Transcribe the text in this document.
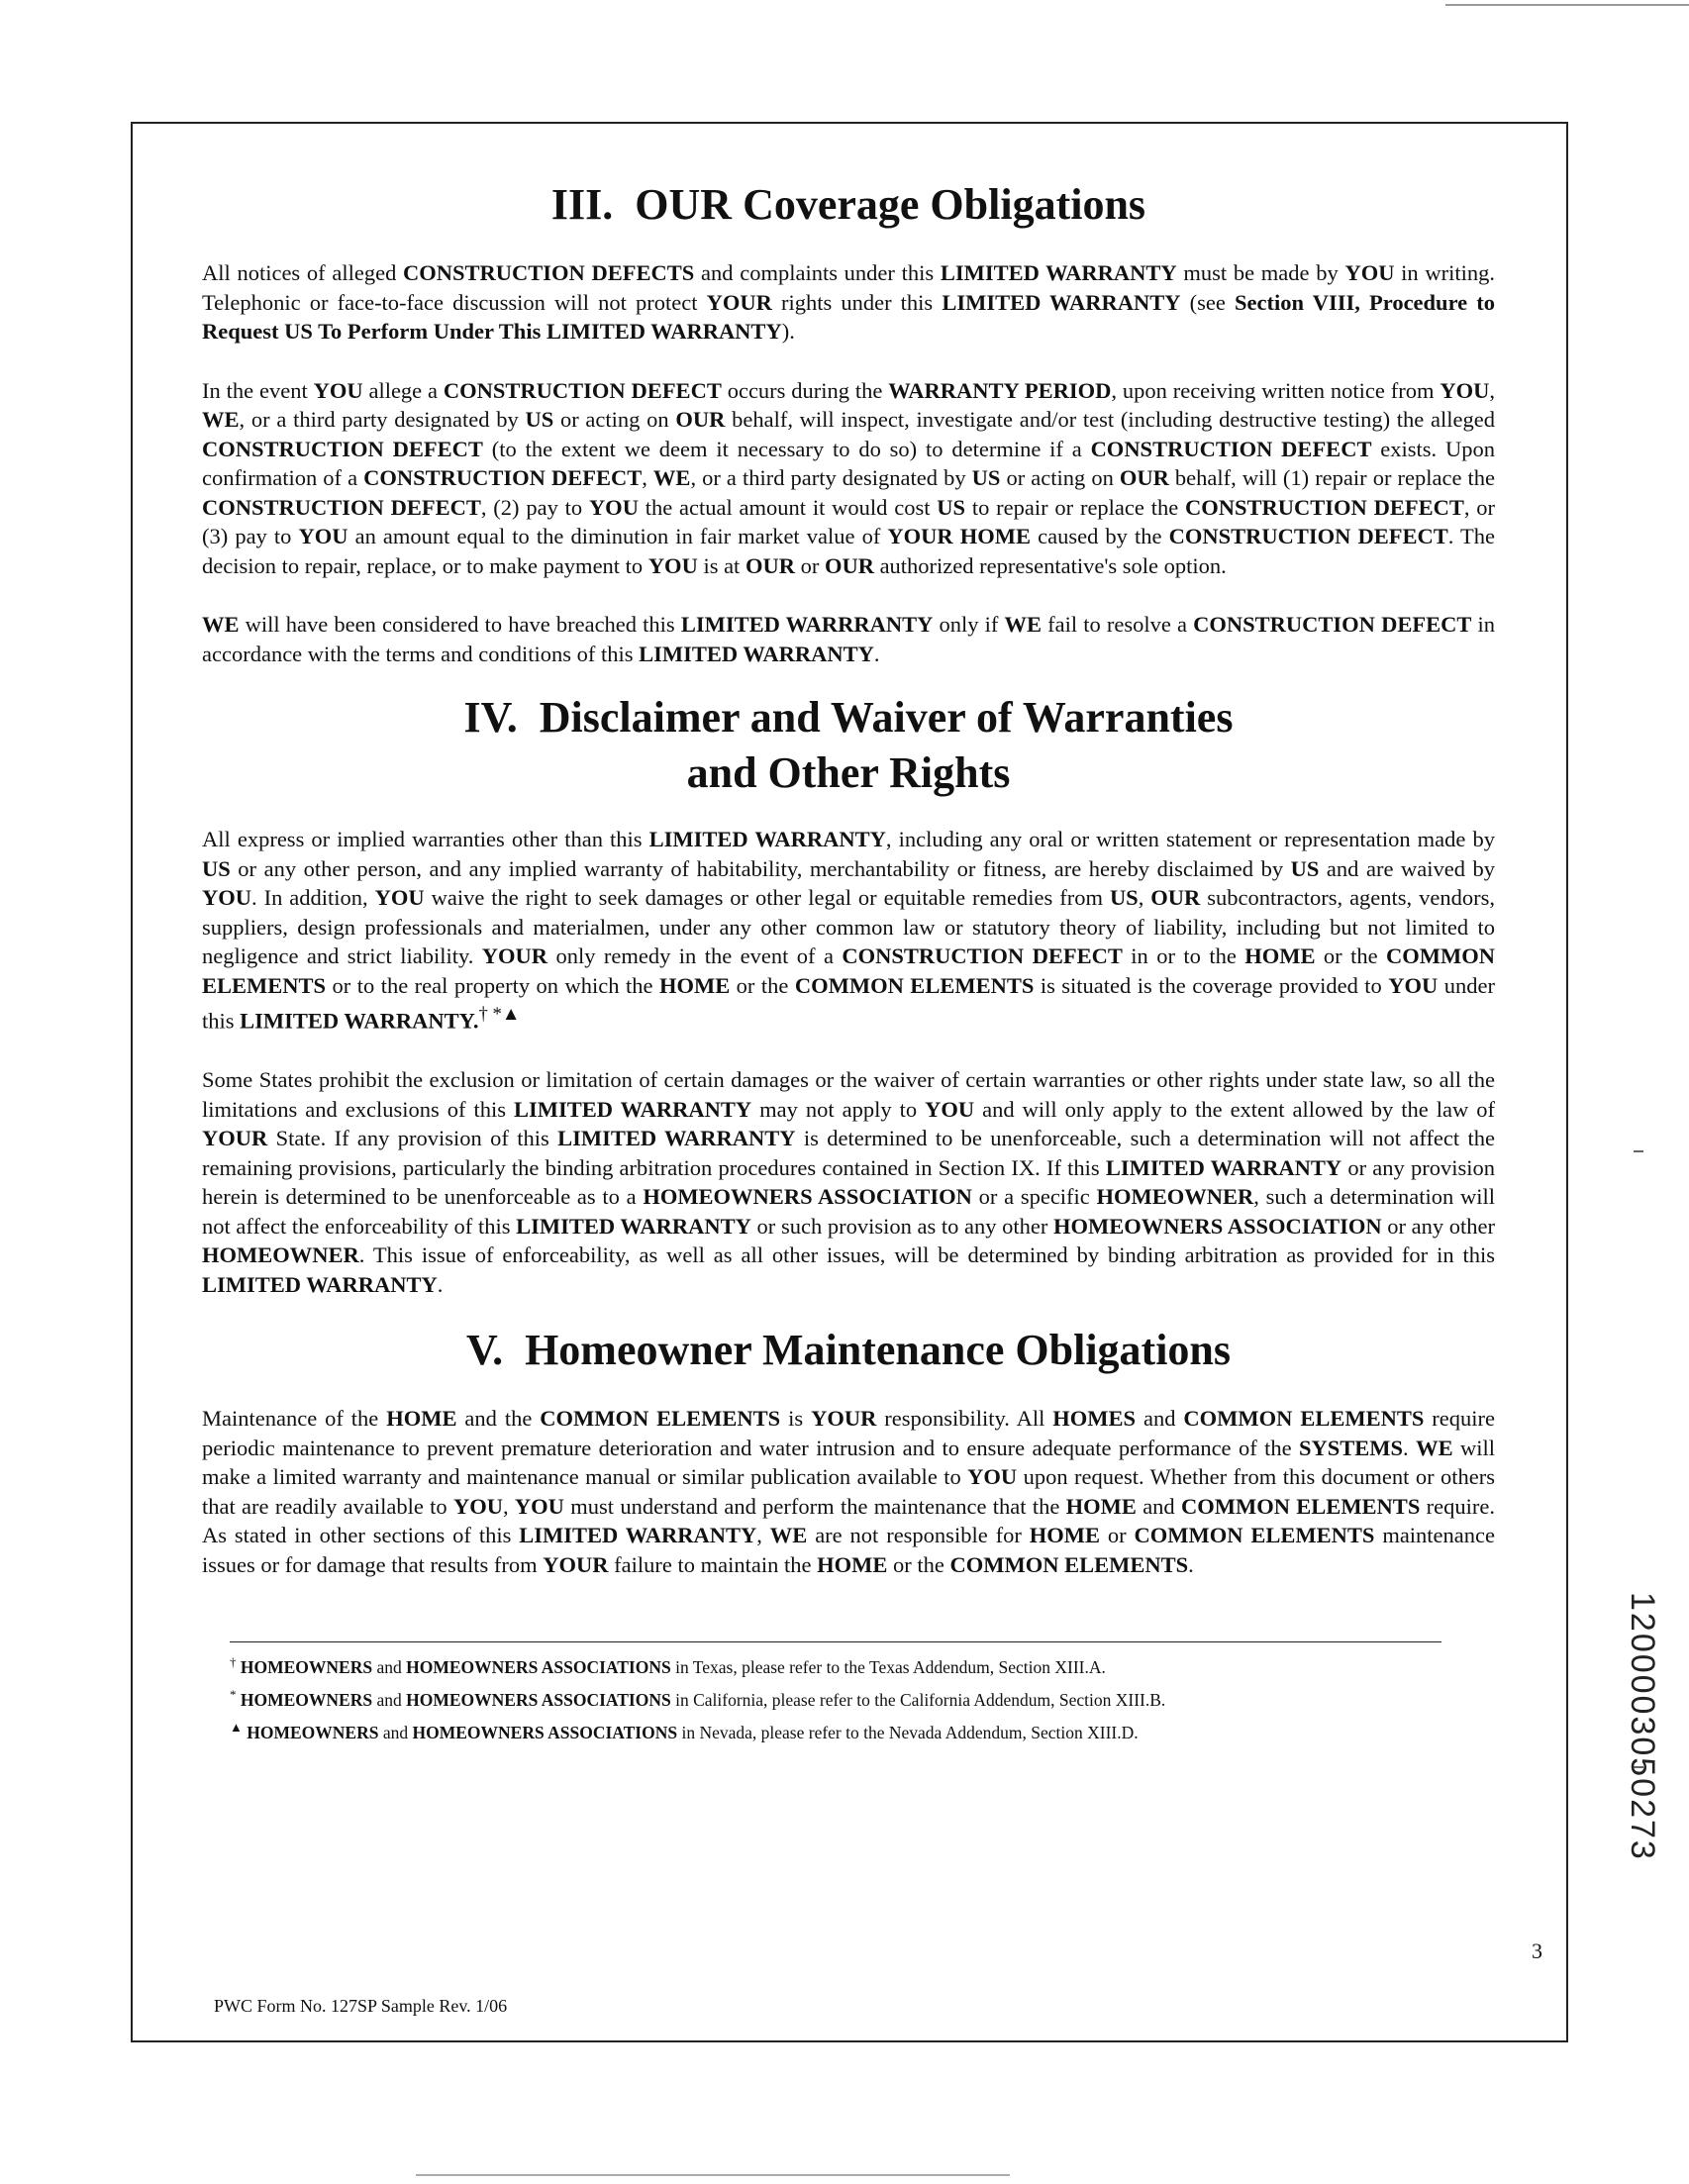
III. OUR Coverage Obligations

All notices of alleged CONSTRUCTION DEFECTS and complaints under this LIMITED WARRANTY must be made by YOU in writing. Telephonic or face-to-face discussion will not protect YOUR rights under this LIMITED WARRANTY (see Section VIII, Procedure to Request US To Perform Under This LIMITED WARRANTY).

In the event YOU allege a CONSTRUCTION DEFECT occurs during the WARRANTY PERIOD, upon receiving written notice from YOU, WE, or a third party designated by US or acting on OUR behalf, will inspect, investigate and/or test (including destructive testing) the alleged CONSTRUCTION DEFECT (to the extent we deem it necessary to do so) to determine if a CONSTRUCTION DEFECT exists. Upon confirmation of a CONSTRUCTION DEFECT, WE, or a third party designated by US or acting on OUR behalf, will (1) repair or replace the CONSTRUCTION DEFECT, (2) pay to YOU the actual amount it would cost US to repair or replace the CONSTRUCTION DEFECT, or (3) pay to YOU an amount equal to the diminution in fair market value of YOUR HOME caused by the CONSTRUCTION DEFECT. The decision to repair, replace, or to make payment to YOU is at OUR or OUR authorized representative's sole option.

WE will have been considered to have breached this LIMITED WARRRANTY only if WE fail to resolve a CONSTRUCTION DEFECT in accordance with the terms and conditions of this LIMITED WARRANTY.

IV. Disclaimer and Waiver of Warranties
and Other Rights

All express or implied warranties other than this LIMITED WARRANTY, including any oral or written statement or representation made by US or any other person, and any implied warranty of habitability, merchantability or fitness, are hereby disclaimed by US and are waived by YOU. In addition, YOU waive the right to seek damages or other legal or equitable remedies from US, OUR subcontractors, agents, vendors, suppliers, design professionals and materialmen, under any other common law or statutory theory of liability, including but not limited to negligence and strict liability. YOUR only remedy in the event of a CONSTRUCTION DEFECT in or to the HOME or the COMMON ELEMENTS or to the real property on which the HOME or the COMMON ELEMENTS is situated is the coverage provided to YOU under this LIMITED WARRANTY.† *▲

Some States prohibit the exclusion or limitation of certain damages or the waiver of certain warranties or other rights under state law, so all the limitations and exclusions of this LIMITED WARRANTY may not apply to YOU and will only apply to the extent allowed by the law of YOUR State. If any provision of this LIMITED WARRANTY is determined to be unenforceable, such a determination will not affect the remaining provisions, particularly the binding arbitration procedures contained in Section IX. If this LIMITED WARRANTY or any provision herein is determined to be unenforceable as to a HOMEOWNERS ASSOCIATION or a specific HOMEOWNER, such a determination will not affect the enforceability of this LIMITED WARRANTY or such provision as to any other HOMEOWNERS ASSOCIATION or any other HOMEOWNER. This issue of enforceability, as well as all other issues, will be determined by binding arbitration as provided for in this LIMITED WARRANTY.

V. Homeowner Maintenance Obligations

Maintenance of the HOME and the COMMON ELEMENTS is YOUR responsibility. All HOMES and COMMON ELEMENTS require periodic maintenance to prevent premature deterioration and water intrusion and to ensure adequate performance of the SYSTEMS. WE will make a limited warranty and maintenance manual or similar publication available to YOU upon request. Whether from this document or others that are readily available to YOU, YOU must understand and perform the maintenance that the HOME and COMMON ELEMENTS require. As stated in other sections of this LIMITED WARRANTY, WE are not responsible for HOME or COMMON ELEMENTS maintenance issues or for damage that results from YOUR failure to maintain the HOME or the COMMON ELEMENTS.

† HOMEOWNERS and HOMEOWNERS ASSOCIATIONS in Texas, please refer to the Texas Addendum, Section XIII.A.
* HOMEOWNERS and HOMEOWNERS ASSOCIATIONS in California, please refer to the California Addendum, Section XIII.B.
▲ HOMEOWNERS and HOMEOWNERS ASSOCIATIONS in Nevada, please refer to the Nevada Addendum, Section XIII.D.
3
PWC Form No. 127SP Sample Rev. 1/06
1200003050273
